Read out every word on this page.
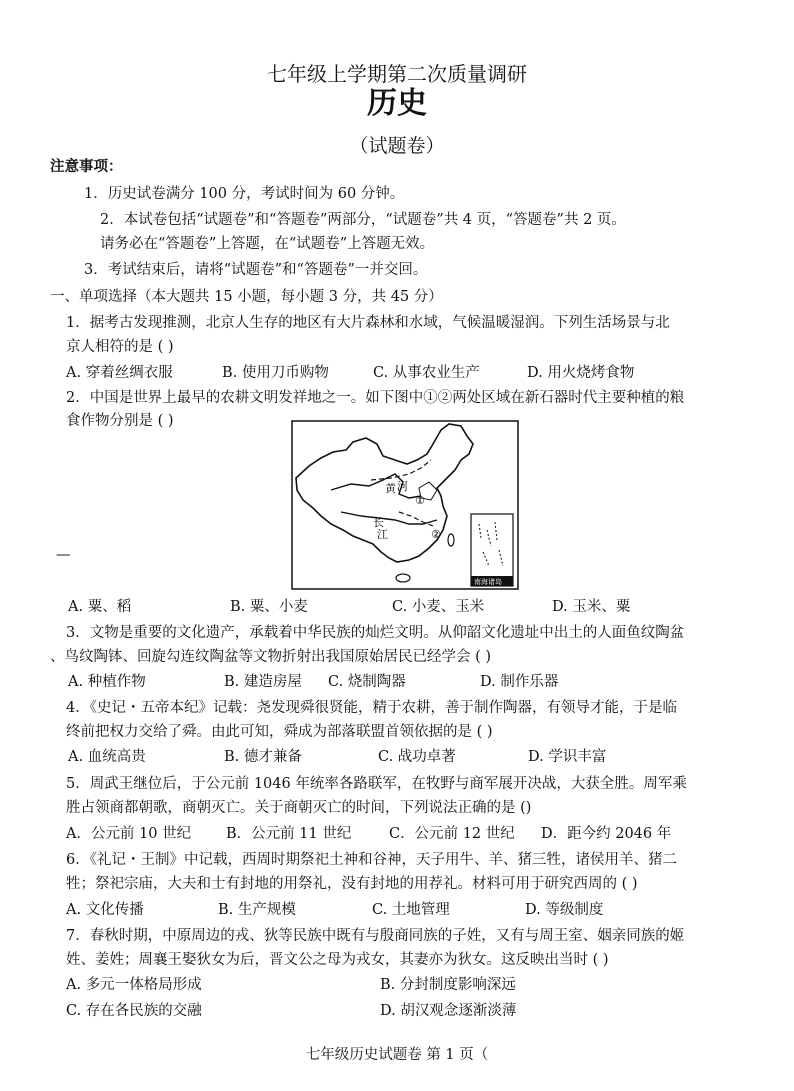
七年级上学期第二次质量调研
历史
（试题卷）
注意事项：
1．历史试卷满分 100 分，考试时间为 60 分钟。
2．本试卷包括“试题卷”和“答题卷”两部分，“试题卷”共 4 页，“答题卷”共 2 页。
请务必在“答题卷”上答题，在“试题卷”上答题无效。
3．考试结束后，请将“试题卷”和“答题卷”一并交回。
一、单项选择（本大题共 15 小题，每小题 3 分，共 45 分）
1．据考古发现推测，北京人生存的地区有大片森林和水域，气候温暖湿润。下列生活场景与北
京人相符的是 ( )
A. 穿着丝绸衣服	B. 使用刀币购物	C. 从事农业生产	D. 用火烧烤食物
2．中国是世界上最早的农耕文明发祥地之一。如下图中①②两处区域在新石器时代主要种植的粮
食作物分别是 ( )
A. 粟、稻	B. 粟、小麦	C. 小麦、玉米	D. 玉米、粟
—
黄 河
长
江
①
②
南海诸岛
3．文物是重要的文化遗产，承载着中华民族的灿烂文明。从仰韶文化遗址中出土的人面鱼纹陶盆
、鸟纹陶钵、回旋勾连纹陶盆等文物折射出我国原始居民已经学会 ( )
A. 种植作物	B. 建造房屋 C. 烧制陶器	D. 制作乐器
4．《史记・五帝本纪》记载：尧发现舜很贤能，精于农耕，善于制作陶器，有领导才能，于是临
终前把权力交给了舜。由此可知，舜成为部落联盟首领依据的是 ( )
A. 血统高贵	B. 德才兼备	C. 战功卓著	D. 学识丰富
5．周武王继位后，于公元前 1046 年统率各路联军，在牧野与商军展开决战，大获全胜。周军乘
胜占领商都朝歌，商朝灭亡。关于商朝灭亡的时间，下列说法正确的是 ()
A．公元前 10 世纪 B．公元前 11 世纪	C．公元前 12 世纪 D．距今约 2046 年
6．《礼记・王制》中记载，西周时期祭祀土神和谷神，天子用牛、羊、猪三牲，诸侯用羊、猪二
牲；祭祀宗庙，大夫和士有封地的用祭礼，没有封地的用荐礼。材料可用于研究西周的 ( )
A. 文化传播	B. 生产规模	C. 土地管理	D. 等级制度
7．春秋时期，中原周边的戎、狄等民族中既有与殷商同族的子姓，又有与周王室、姻亲同族的姬
姓、姜姓；周襄王娶狄女为后，晋文公之母为戎女，其妻亦为狄女。这反映出当时 ( )
A. 多元一体格局形成	B. 分封制度影响深远
C. 存在各民族的交融	D. 胡汉观念逐渐淡薄
七年级历史试题卷 第 1 页（
